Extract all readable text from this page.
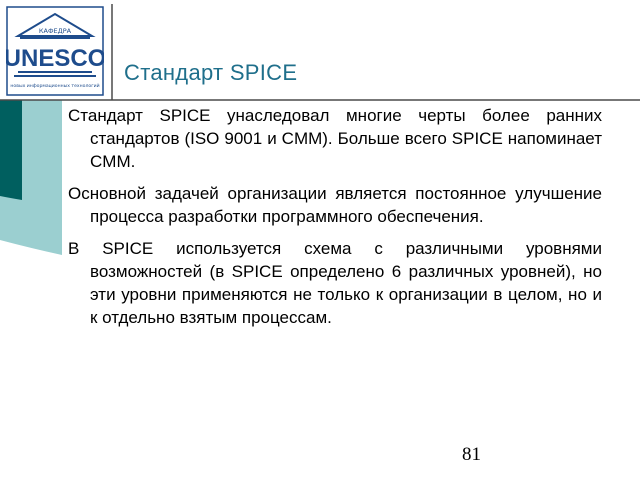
КАФЕДРА
UNESCO
новых информационных технологий
Стандарт SPICE

Стандарт SPICE унаследовал многие черты более ранних стандартов (ISO 9001 и CMM). Больше всего SPICE напоминает CMM.

Основной задачей организации является постоянное улучшение процесса разработки программного обеспечения.

В SPICE используется схема с различными уровнями возможностей (в SPICE определено 6 различных уровней), но эти уровни применяются не только к организации в целом, но и к отдельно взятым процессам.

81
